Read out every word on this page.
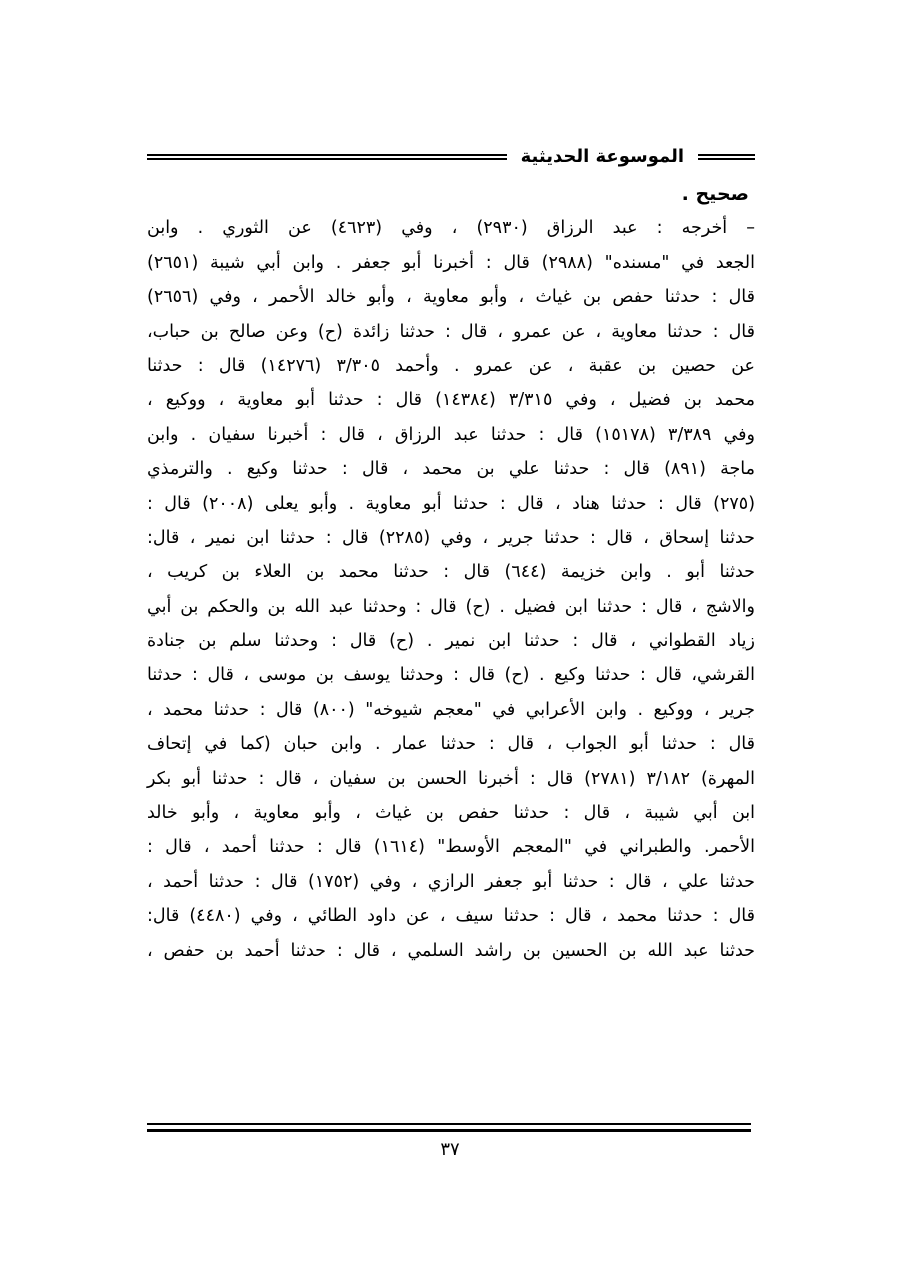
الموسوعة الحديثية
صحيح .
– أخرجه : عبد الرزاق (٢٩٣٠) ، وفي (٤٦٢٣) عن الثوري . وابن
الجعد في "مسنده" (٢٩٨٨) قال : أخبرنا أبو جعفر . وابن أبي شيبة (٢٦٥١)
قال : حدثنا حفص بن غياث ، وأبو معاوية ، وأبو خالد الأحمر ، وفي (٢٦٥٦)
قال : حدثنا معاوية ، عن عمرو ، قال : حدثنا زائدة (ح) وعن صالح بن حباب،
عن حصين بن عقبة ، عن عمرو . وأحمد ٣/٣٠٥ (١٤٢٧٦) قال : حدثنا
محمد بن فضيل ، وفي ٣/٣١٥ (١٤٣٨٤) قال : حدثنا أبو معاوية ، ووكيع ،
وفي ٣/٣٨٩ (١٥١٧٨) قال : حدثنا عبد الرزاق ، قال : أخبرنا سفيان . وابن
ماجة (٨٩١) قال : حدثنا علي بن محمد ، قال : حدثنا وكيع . والترمذي
(٢٧٥) قال : حدثنا هناد ، قال : حدثنا أبو معاوية . وأبو يعلى (٢٠٠٨) قال :
حدثنا إسحاق ، قال : حدثنا جرير ، وفي (٢٢٨٥) قال : حدثنا ابن نمير ، قال:
حدثنا أبو . وابن خزيمة (٦٤٤) قال : حدثنا محمد بن العلاء بن كريب ،
والاشج ، قال : حدثنا ابن فضيل . (ح) قال : وحدثنا عبد الله بن والحكم بن أبي
زياد القطواني ، قال : حدثنا ابن نمير . (ح) قال : وحدثنا سلم بن جنادة
القرشي، قال : حدثنا وكيع . (ح) قال : وحدثنا يوسف بن موسى ، قال : حدثنا
جرير ، ووكيع . وابن الأعرابي في "معجم شيوخه" (٨٠٠) قال : حدثنا محمد ،
قال : حدثنا أبو الجواب ، قال : حدثنا عمار . وابن حبان (كما في إتحاف
المهرة) ٣/١٨٢ (٢٧٨١) قال : أخبرنا الحسن بن سفيان ، قال : حدثنا أبو بكر
ابن أبي شيبة ، قال : حدثنا حفص بن غياث ، وأبو معاوية ، وأبو خالد
الأحمر. والطبراني في "المعجم الأوسط" (١٦١٤) قال : حدثنا أحمد ، قال :
حدثنا علي ، قال : حدثنا أبو جعفر الرازي ، وفي (١٧٥٢) قال : حدثنا أحمد ،
قال : حدثنا محمد ، قال : حدثنا سيف ، عن داود الطائي ، وفي (٤٤٨٠) قال:
حدثنا عبد الله بن الحسين بن راشد السلمي ، قال : حدثنا أحمد بن حفص ،
٣٧
